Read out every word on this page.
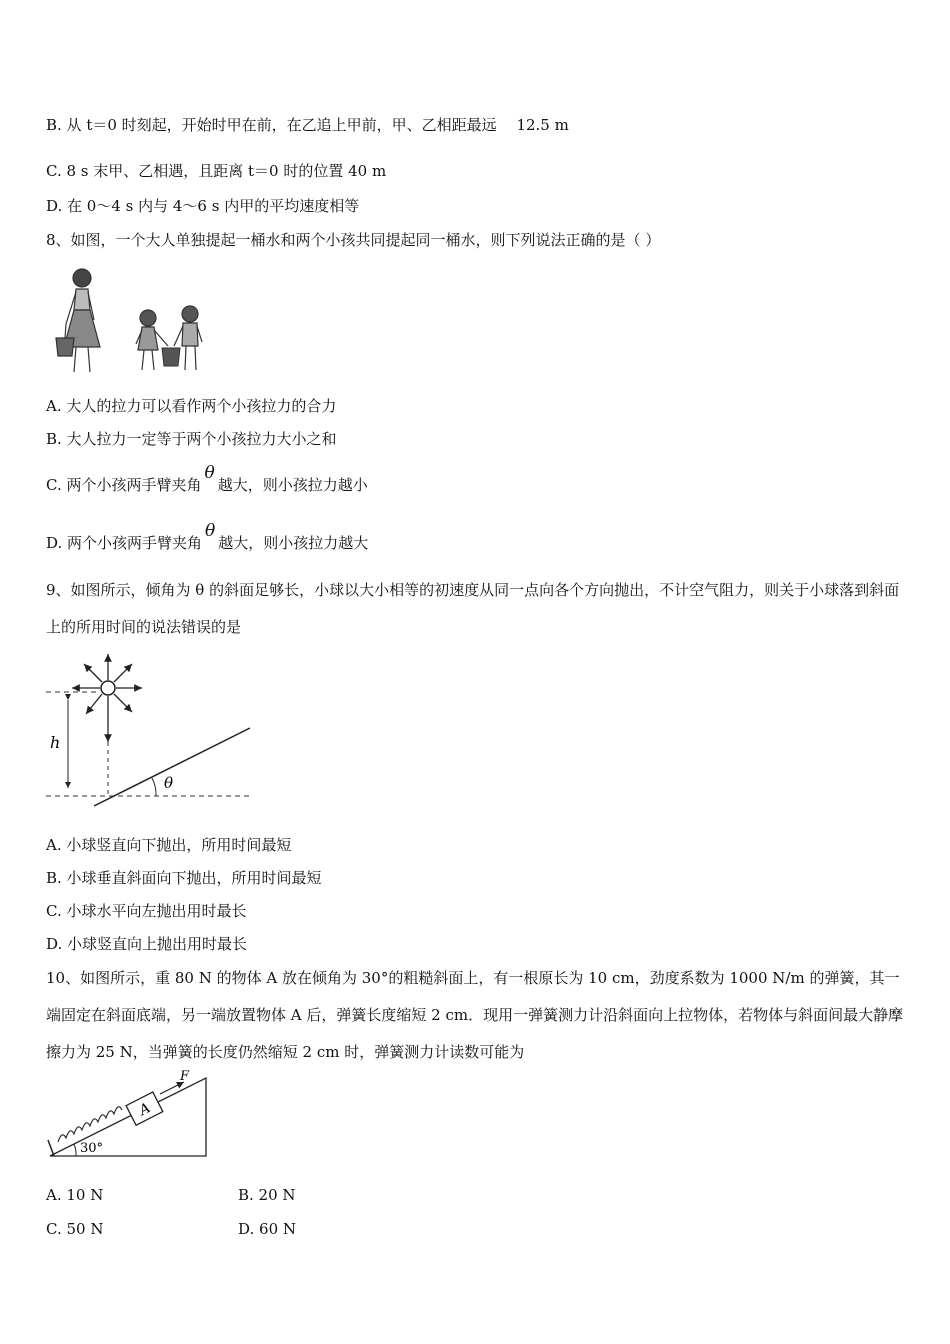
B. 从 t＝0 时刻起，开始时甲在前，在乙追上甲前，甲、乙相距最远　 12.5 m
C. 8 s 末甲、乙相遇，且距离 t＝0 时的位置 40 m
D. 在 0～4 s 内与 4～6 s 内甲的平均速度相等
8、如图，一个大人单独提起一桶水和两个小孩共同提起同一桶水，则下列说法正确的是（ ）
A. 大人的拉力可以看作两个小孩拉力的合力
B. 大人拉力一定等于两个小孩拉力大小之和
C. 两个小孩两手臂夹角θ越大，则小孩拉力越小
D. 两个小孩两手臂夹角θ越大，则小孩拉力越大
9、如图所示，倾角为 θ 的斜面足够长，小球以大小相等的初速度从同一点向各个方向抛出，不计空气阻力，则关于小球落到斜面上的所用时间的说法错误的是
h
θ
A. 小球竖直向下抛出，所用时间最短
B. 小球垂直斜面向下抛出，所用时间最短
C. 小球水平向左抛出用时最长
D. 小球竖直向上抛出用时最长
10、如图所示，重 80 N 的物体 A 放在倾角为 30°的粗糙斜面上，有一根原长为 10 cm，劲度系数为 1000 N/m 的弹簧，其一端固定在斜面底端，另一端放置物体 A 后，弹簧长度缩短 2 cm．现用一弹簧测力计沿斜面向上拉物体，若物体与斜面间最大静摩擦力为 25 N，当弹簧的长度仍然缩短 2 cm 时，弹簧测力计读数可能为
A
F
30°
A. 10 N	B. 20 N
C. 50 N	D. 60 N
